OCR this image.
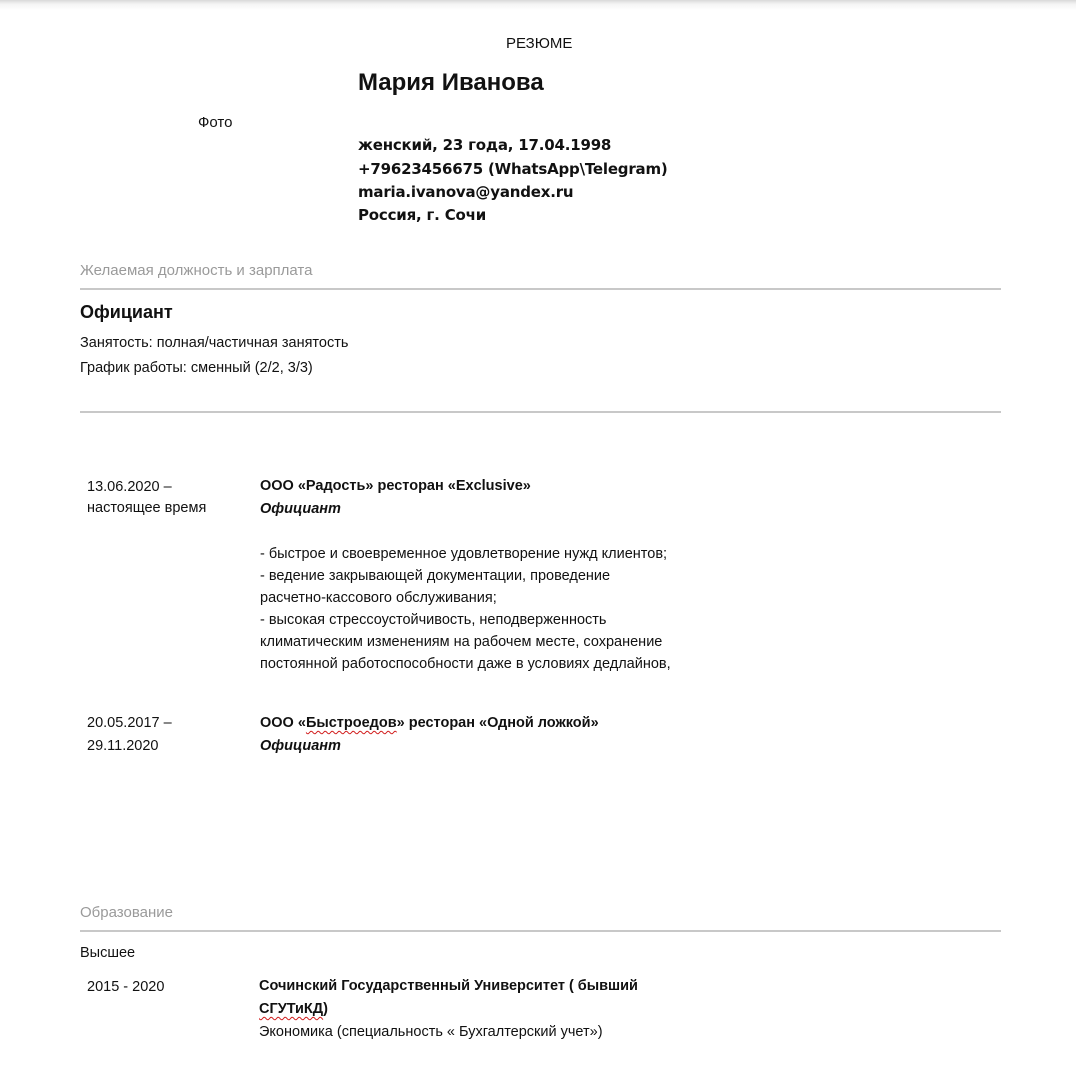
РЕЗЮМЕ
Фото
Мария Иванова
женский, 23 года, 17.04.1998
+79623456675 (WhatsApp\Telegram)
maria.ivanova@yandex.ru
Россия, г. Сочи
Желаемая должность и зарплата
Официант
Занятость: полная/частичная занятость
График работы: сменный (2/2, 3/3)
13.06.2020 –
настоящее время
ООО «Радость» ресторан «Exclusive»
Официант
- быстрое и своевременное удовлетворение нужд клиентов;
- ведение закрывающей документации, проведение
расчетно-кассового обслуживания;
- высокая стрессоустойчивость, неподверженность
климатическим изменениям на рабочем месте, сохранение
постоянной работоспособности даже в условиях дедлайнов,
20.05.2017 –
29.11.2020
ООО «Быстроедов» ресторан «Одной ложкой»
Официант
Образование
Высшее
2015 - 2020	Сочинский Государственный Университет ( бывший
СГУТиКД)
Экономика (специальность « Бухгалтерский учет»)
